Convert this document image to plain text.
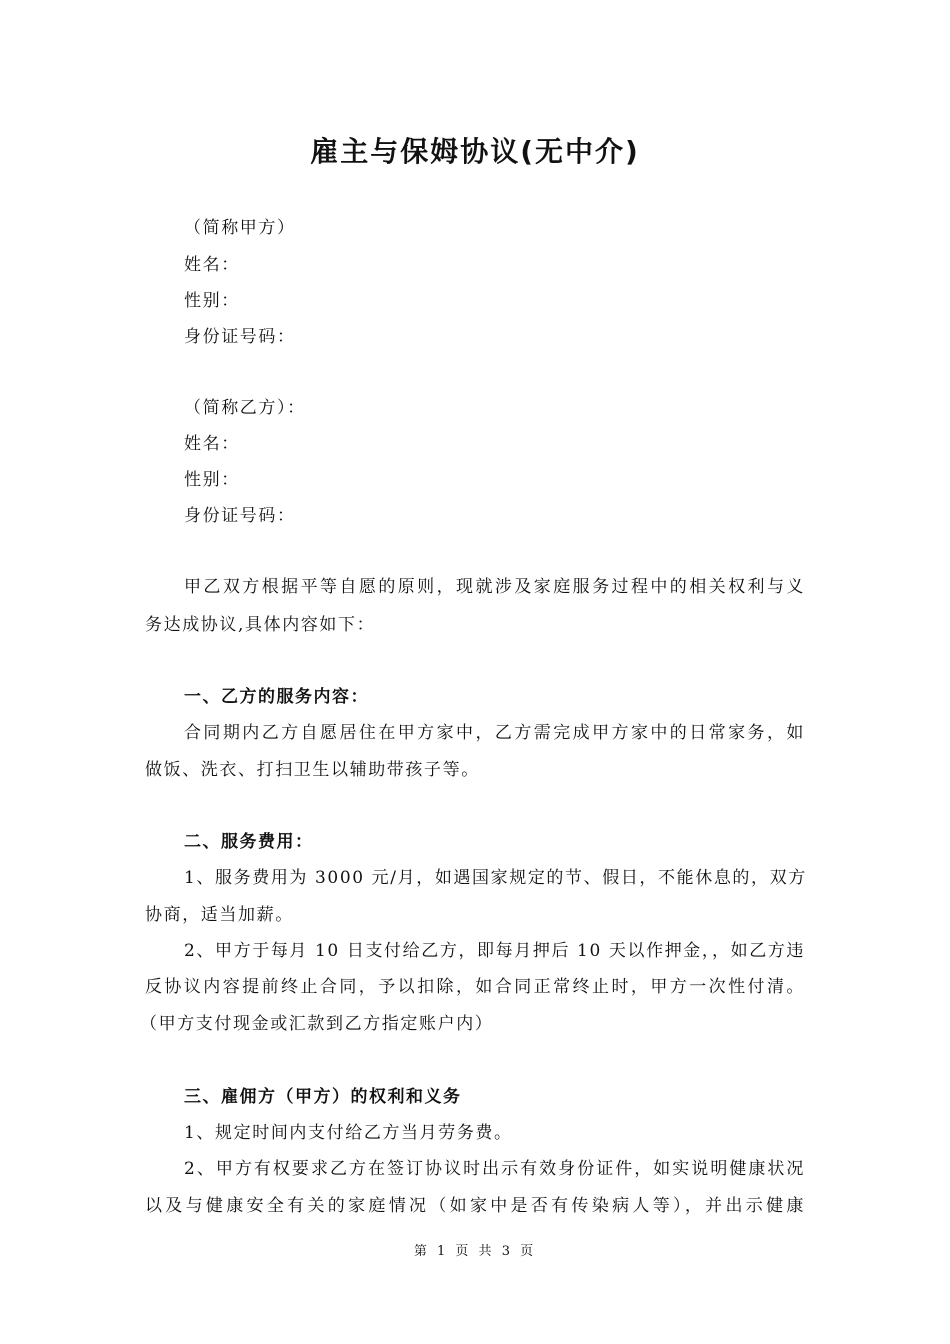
雇主与保姆协议(无中介)
（简称甲方）
姓名：
性别：
身份证号码：
（简称乙方）：
姓名：
性别：
身份证号码：
甲乙双方根据平等自愿的原则，现就涉及家庭服务过程中的相关权利与义
务达成协议,具体内容如下：
一、乙方的服务内容：
合同期内乙方自愿居住在甲方家中，乙方需完成甲方家中的日常家务，如
做饭、洗衣、打扫卫生以辅助带孩子等。
二、服务费用：
1、服务费用为 3000 元/月，如遇国家规定的节、假日，不能休息的，双方
协商，适当加薪。
2、甲方于每月 10 日支付给乙方，即每月押后 10 天以作押金，，如乙方违
反协议内容提前终止合同，予以扣除，如合同正常终止时，甲方一次性付清。
（甲方支付现金或汇款到乙方指定账户内）
三、雇佣方（甲方）的权利和义务
1、规定时间内支付给乙方当月劳务费。
2、甲方有权要求乙方在签订协议时出示有效身份证件，如实说明健康状况
以及与健康安全有关的家庭情况（如家中是否有传染病人等），并出示健康
第 1 页 共 3 页
